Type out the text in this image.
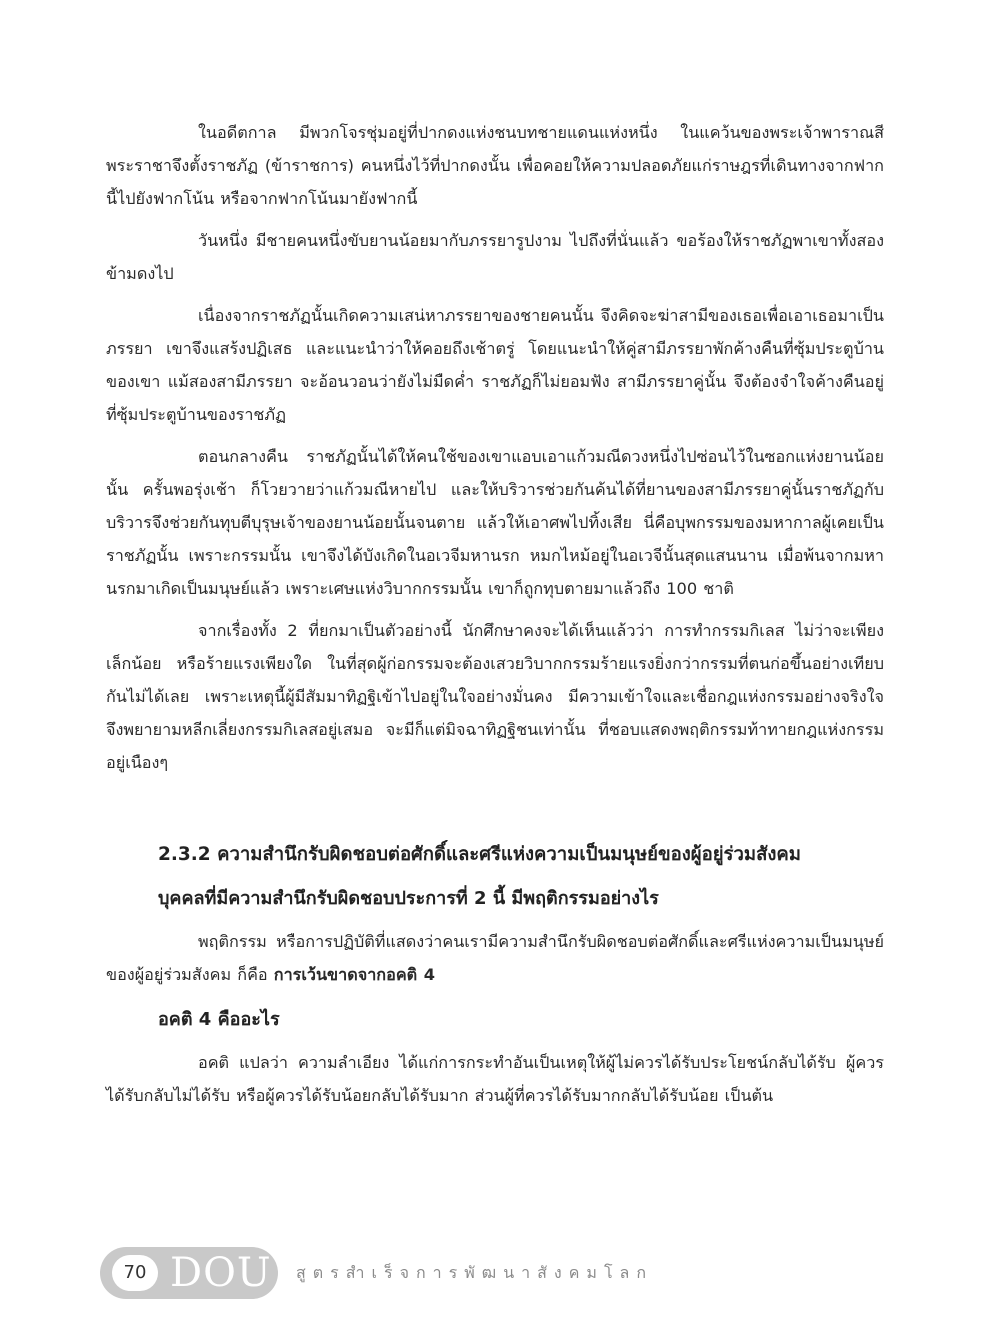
ในอดีตกาล มีพวกโจรชุ่มอยู่ที่ปากดงแห่งชนบทชายแดนแห่งหนึ่ง ในแคว้นของพระเจ้าพาราณสี พระราชาจึงตั้งราชภัฏ (ข้าราชการ) คนหนึ่งไว้ที่ปากดงนั้น เพื่อคอยให้ความปลอดภัยแก่ราษฎรที่เดินทางจากฟากนี้ไปยังฟากโน้น หรือจากฟากโน้นมายังฟากนี้

วันหนึ่ง มีชายคนหนึ่งขับยานน้อยมากับภรรยารูปงาม ไปถึงที่นั่นแล้ว ขอร้องให้ราชภัฏพาเขาทั้งสองข้ามดงไป

เนื่องจากราชภัฏนั้นเกิดความเสน่หาภรรยาของชายคนนั้น จึงคิดจะฆ่าสามีของเธอเพื่อเอาเธอมาเป็นภรรยา เขาจึงแสร้งปฏิเสธ และแนะนำว่าให้คอยถึงเช้าตรู่ โดยแนะนำให้คู่สามีภรรยาพักค้างคืนที่ซุ้มประตูบ้านของเขา แม้สองสามีภรรยา จะอ้อนวอนว่ายังไม่มืดค่ำ ราชภัฏก็ไม่ยอมฟัง สามีภรรยาคู่นั้น จึงต้องจำใจค้างคืนอยู่ที่ซุ้มประตูบ้านของราชภัฏ

ตอนกลางคืน ราชภัฏนั้นได้ให้คนใช้ของเขาแอบเอาแก้วมณีดวงหนึ่งไปซ่อนไว้ในซอกแห่งยานน้อยนั้น ครั้นพอรุ่งเช้า ก็โวยวายว่าแก้วมณีหายไป และให้บริวารช่วยกันค้นได้ที่ยานของสามีภรรยาคู่นั้นราชภัฏกับบริวารจึงช่วยกันทุบตีบุรุษเจ้าของยานน้อยนั้นจนตาย แล้วให้เอาศพไปทิ้งเสีย นี่คือบุพกรรมของมหากาลผู้เคยเป็นราชภัฏนั้น เพราะกรรมนั้น เขาจึงได้บังเกิดในอเวจีมหานรก หมกไหม้อยู่ในอเวจีนั้นสุดแสนนาน เมื่อพ้นจากมหานรกมาเกิดเป็นมนุษย์แล้ว เพราะเศษแห่งวิบากกรรมนั้น เขาก็ถูกทุบตายมาแล้วถึง 100 ชาติ

จากเรื่องทั้ง 2 ที่ยกมาเป็นตัวอย่างนี้ นักศึกษาคงจะได้เห็นแล้วว่า การทำกรรมกิเลส ไม่ว่าจะเพียงเล็กน้อย หรือร้ายแรงเพียงใด ในที่สุดผู้ก่อกรรมจะต้องเสวยวิบากกรรมร้ายแรงยิ่งกว่ากรรมที่ตนก่อขึ้นอย่างเทียบกันไม่ได้เลย เพราะเหตุนี้ผู้มีสัมมาทิฏฐิเข้าไปอยู่ในใจอย่างมั่นคง มีความเข้าใจและเชื่อกฎแห่งกรรมอย่างจริงใจ จึงพยายามหลีกเลี่ยงกรรมกิเลสอยู่เสมอ จะมีก็แต่มิจฉาทิฏฐิชนเท่านั้น ที่ชอบแสดงพฤติกรรมท้าทายกฎแห่งกรรมอยู่เนืองๆ

2.3.2 ความสำนึกรับผิดชอบต่อศักดิ์และศรีแห่งความเป็นมนุษย์ของผู้อยู่ร่วมสังคม
บุคคลที่มีความสำนึกรับผิดชอบประการที่ 2 นี้ มีพฤติกรรมอย่างไร

พฤติกรรม หรือการปฏิบัติที่แสดงว่าคนเรามีความสำนึกรับผิดชอบต่อศักดิ์และศรีแห่งความเป็นมนุษย์ของผู้อยู่ร่วมสังคม ก็คือ การเว้นขาดจากอคติ 4

อคติ 4 คืออะไร

อคติ แปลว่า ความลำเอียง ได้แก่การกระทำอันเป็นเหตุให้ผู้ไม่ควรได้รับประโยชน์กลับได้รับ ผู้ควรได้รับกลับไม่ได้รับ หรือผู้ควรได้รับน้อยกลับได้รับมาก ส่วนผู้ที่ควรได้รับมากกลับได้รับน้อย เป็นต้น

70 DOU สูตรสำเร็จการพัฒนาสังคมโลก
